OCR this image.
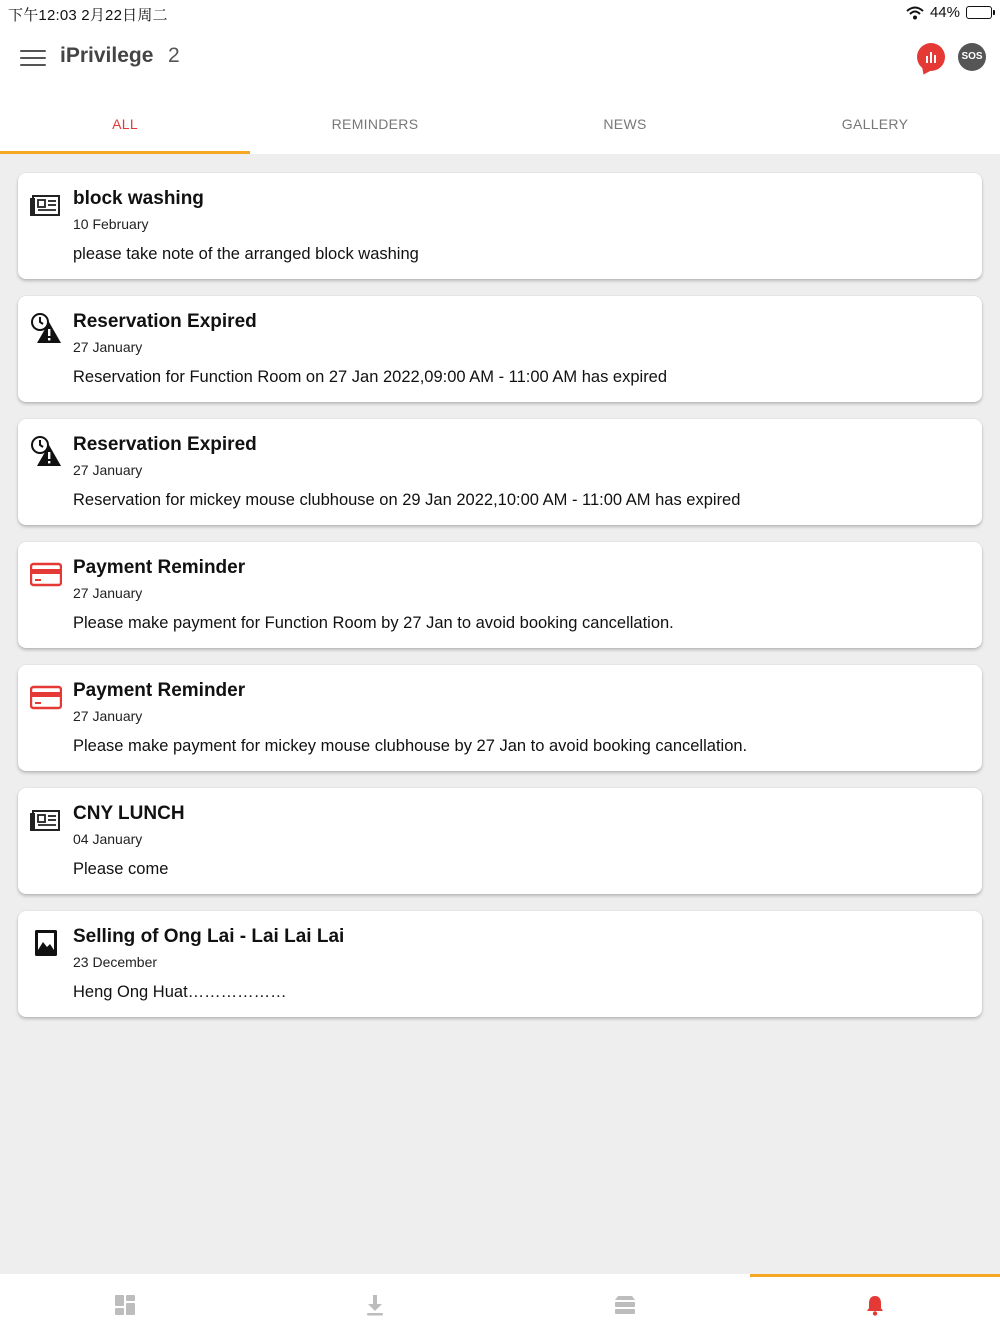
下午12:03 2月22日周二	44%
iPrivilege 2	SOS
ALL	REMINDERS	NEWS	GALLERY
block washing
10 February
please take note of the arranged block washing
Reservation Expired
27 January
Reservation for Function Room on 27 Jan 2022,09:00 AM - 11:00 AM has expired
Reservation Expired
27 January
Reservation for mickey mouse clubhouse on 29 Jan 2022,10:00 AM - 11:00 AM has expired
Payment Reminder
27 January
Please make payment for Function Room by 27 Jan to avoid booking cancellation.
Payment Reminder
27 January
Please make payment for mickey mouse clubhouse by 27 Jan to avoid booking cancellation.
CNY LUNCH
04 January
Please come
Selling of Ong Lai - Lai Lai Lai
23 December
Heng Ong Huat………………
